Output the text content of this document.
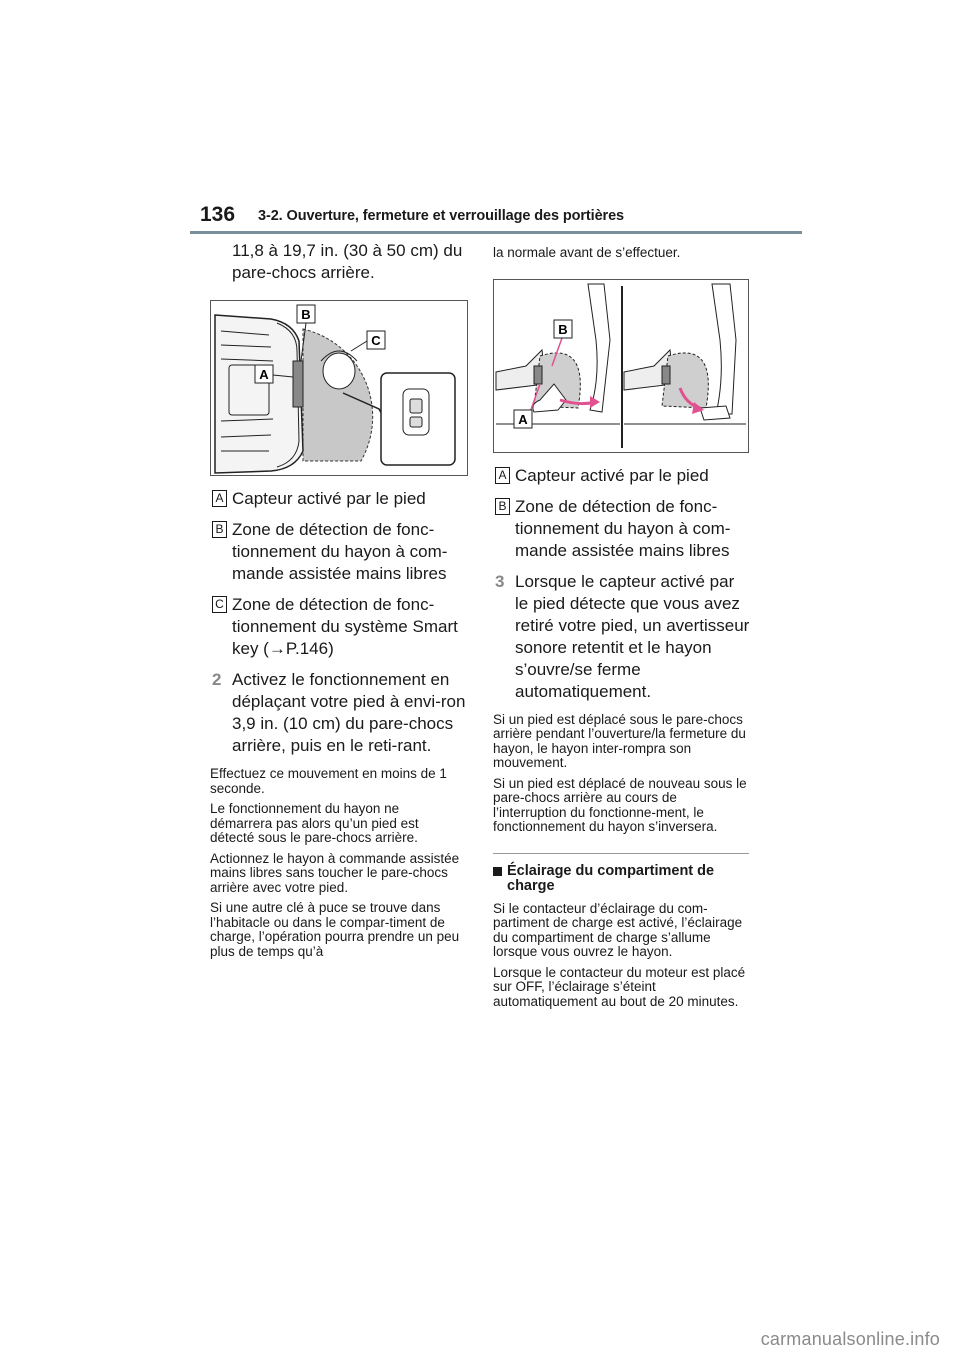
136 3-2. Ouverture, fermeture et verrouillage des portières
11,8 à 19,7 in. (30 à 50 cm) du pare-chocs arrière.
B
C
A
A Capteur activé par le pied
B Zone de détection de fonc-tionnement du hayon à com-mande assistée mains libres
C Zone de détection de fonc-tionnement du système Smart key (→P.146)
2 Activez le fonctionnement en déplaçant votre pied à envi-ron 3,9 in. (10 cm) du pare-chocs arrière, puis en le reti-rant.

Effectuez ce mouvement en moins de 1 seconde.

Le fonctionnement du hayon ne démarrera pas alors qu’un pied est détecté sous le pare-chocs arrière.

Actionnez le hayon à commande assistée mains libres sans toucher le pare-chocs arrière avec votre pied.

Si une autre clé à puce se trouve dans l’habitacle ou dans le compar-timent de charge, l’opération pourra prendre un peu plus de temps qu’à

la normale avant de s’effectuer.

B
A
A Capteur activé par le pied
B Zone de détection de fonc-tionnement du hayon à com-mande assistée mains libres
3 Lorsque le capteur activé par le pied détecte que vous avez retiré votre pied, un avertisseur sonore retentit et le hayon s’ouvre/se ferme automatiquement.

Si un pied est déplacé sous le pare-chocs arrière pendant l’ouverture/la fermeture du hayon, le hayon inter-rompra son mouvement.

Si un pied est déplacé de nouveau sous le pare-chocs arrière au cours de l’interruption du fonctionne-ment, le fonctionnement du hayon s’inversera.

Éclairage du compartiment de charge

Si le contacteur d’éclairage du com-partiment de charge est activé, l’éclairage du compartiment de charge s’allume lorsque vous ouvrez le hayon.

Lorsque le contacteur du moteur est placé sur OFF, l’éclairage s’éteint automatiquement au bout de 20 minutes.

carmanualsonline.info
